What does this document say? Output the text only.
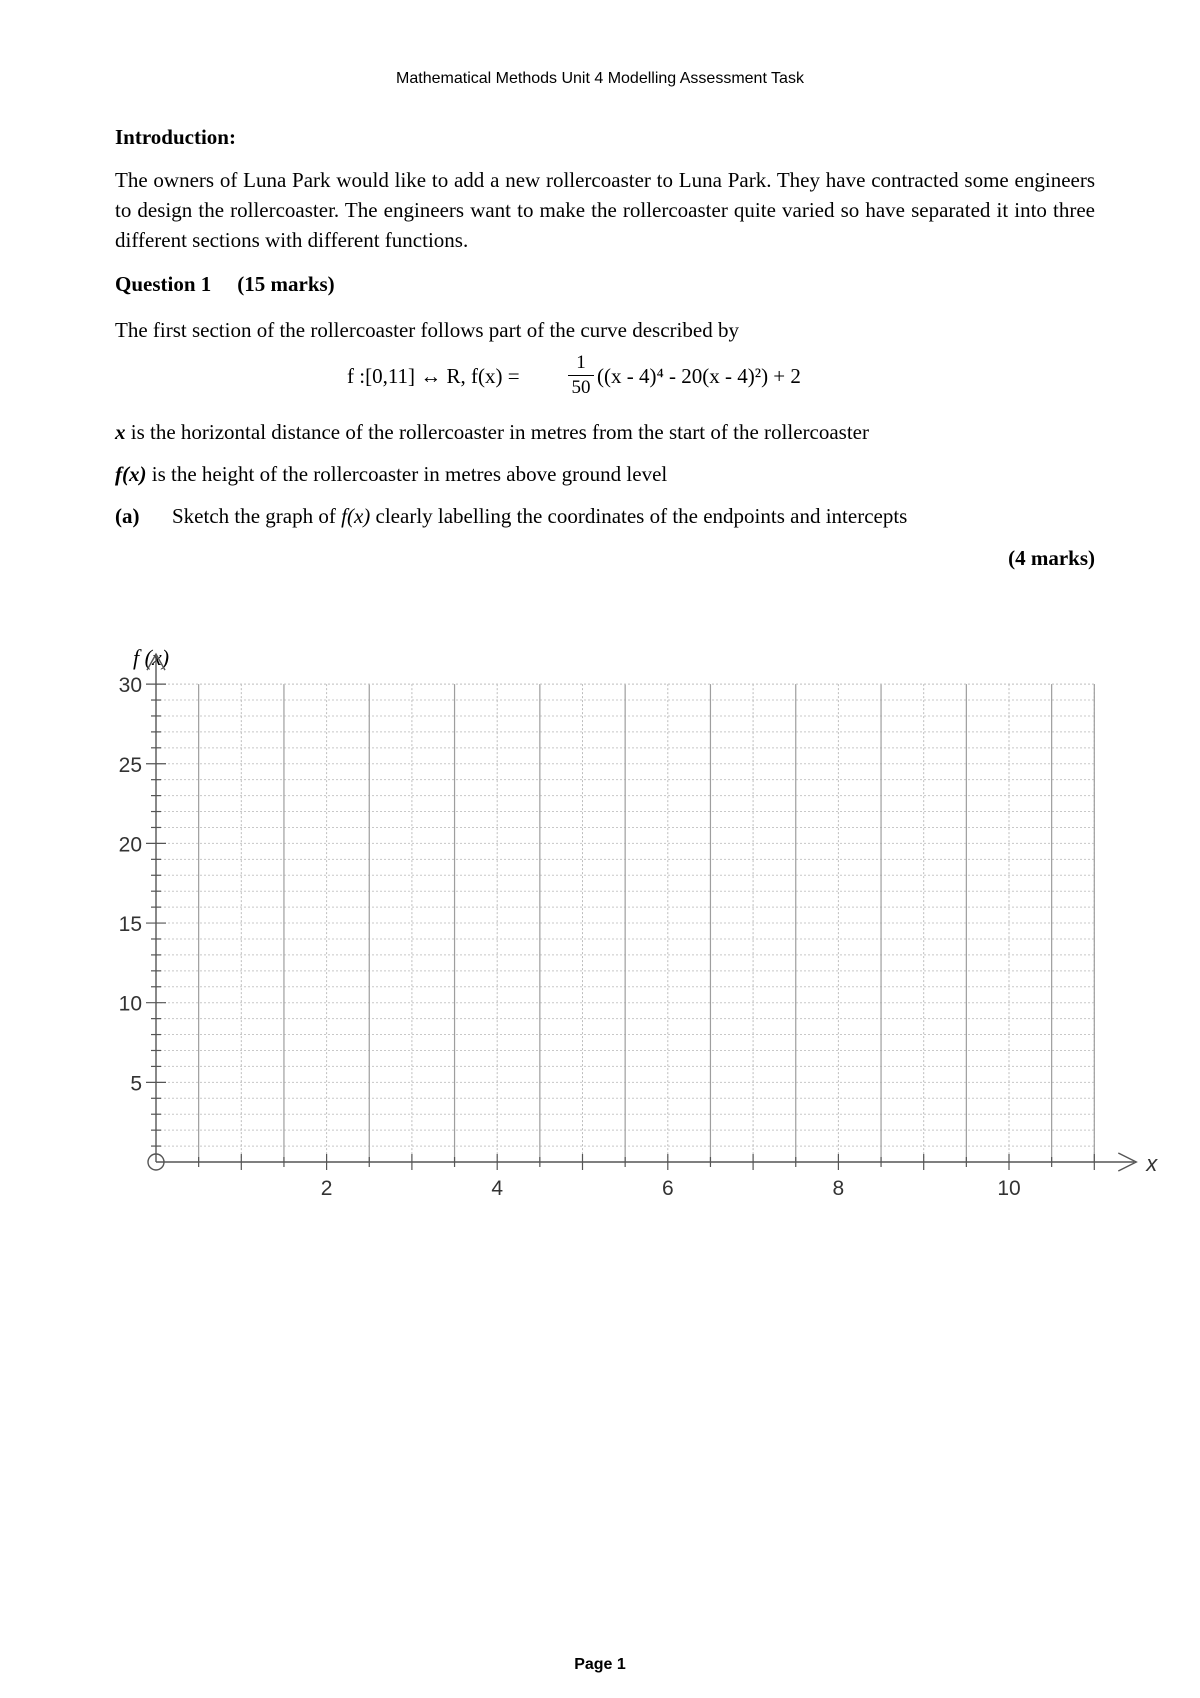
Mathematical Methods Unit 4 Modelling Assessment Task

Introduction:

The owners of Luna Park would like to add a new rollercoaster to Luna Park. They have contracted some engineers to design the rollercoaster. The engineers want to make the rollercoaster quite varied so have separated it into three different sections with different functions.

Question 1 (15 marks)

The first section of the rollercoaster follows part of the curve described by

f :[0,11] ↔ R, f(x) =	$\frac{1}{50} ((x - 4)^4 - 20(x - 4)^2) + 2$

x is the horizontal distance of the rollercoaster in metres from the start of the rollercoaster

f(x) is the height of the rollercoaster in metres above ground level

(a) Sketch the graph of f(x) clearly labelling the coordinates of the endpoints and intercepts

(4 marks)

f (x)
5
10
15
20
25
30
2	4	6	8	10
x
Page 1
